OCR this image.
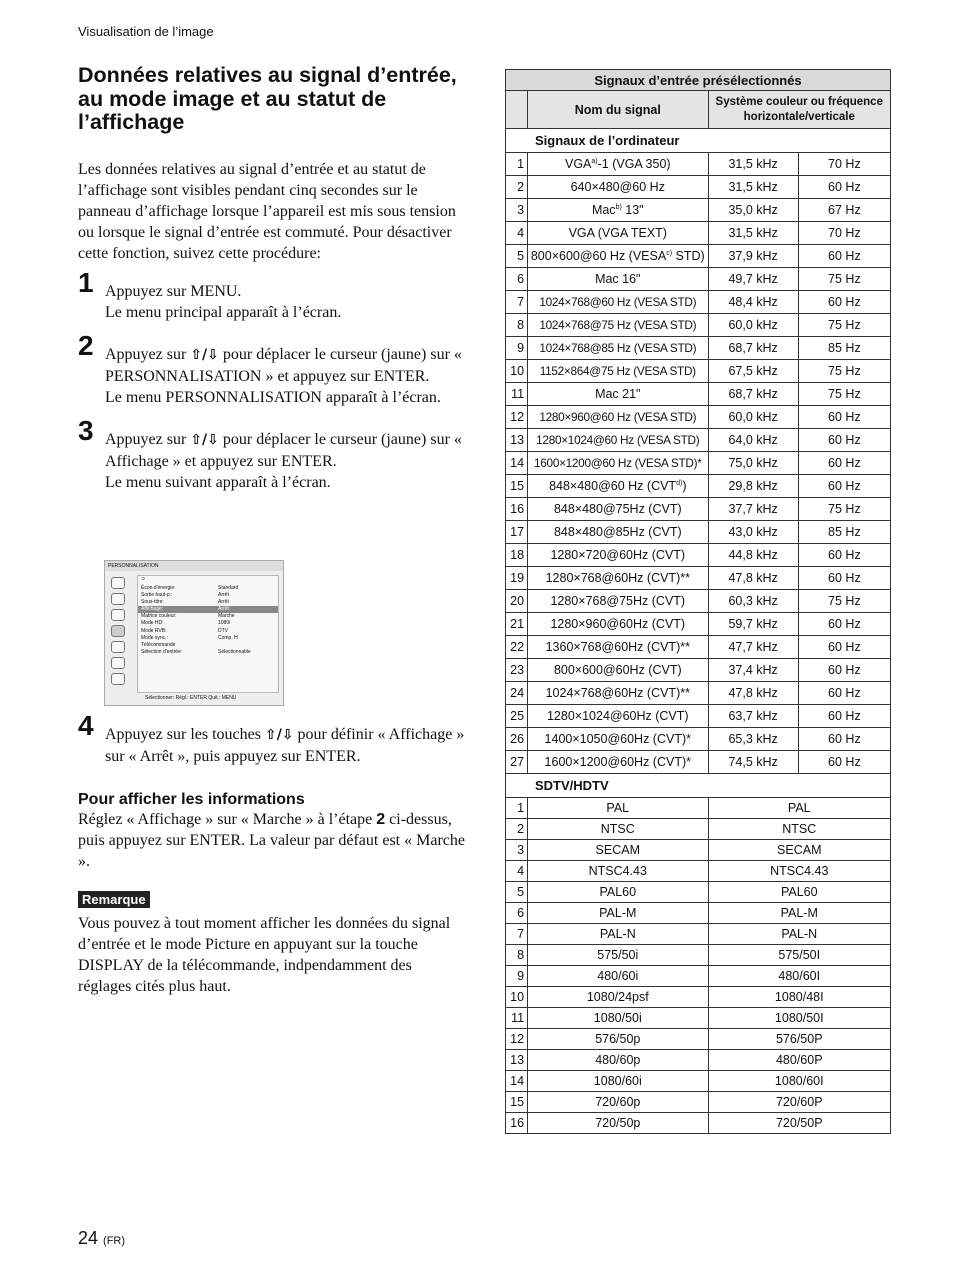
Visualisation de l’image
Données relatives au signal d’entrée, au mode image et au statut de l’affichage

Les données relatives au signal d’entrée et au statut de l’affichage sont visibles pendant cinq secondes sur le panneau d’affichage lorsque l’appareil est mis sous tension ou lorsque le signal d’entrée est commuté. Pour désactiver cette fonction, suivez cette procédure:

1 Appuyez sur MENU.

Le menu principal apparaît à l’écran.

2 Appuyez sur ⇧/⇩ pour déplacer le curseur (jaune) sur « PERSONNALISATION » et appuyez sur ENTER.

Le menu PERSONNALISATION apparaît à l’écran.

3 Appuyez sur ⇧/⇩ pour déplacer le curseur (jaune) sur « Affichage » et appuyez sur ENTER.

Le menu suivant apparaît à l’écran.

PERSONNALISATION
⊃
Écon.d'énergie:	Standard
Sortie haut-p.:	Arrêt
Sous-titre:	Arrêt
Affichage:	Arrêt
Matrice couleur:	Marche
Mode HD:	1080i
Mode RVB:	DTV
Mode sync.:	Comp. H
Télécommande
Sélection d'entrée:	Sélectionnable
Sélectionner: Régl.: ENTER Quit.: MENU
4 Appuyez sur les touches ⇧/⇩ pour définir « Affichage » sur « Arrêt », puis appuyez sur ENTER.

Pour afficher les informations

Réglez « Affichage » sur « Marche » à l’étape 2 ci-dessus, puis appuyez sur ENTER. La valeur par défaut est « Marche ».

Remarque

Vous pouvez à tout moment afficher les données du signal d’entrée et le mode Picture en appuyant sur la touche DISPLAY de la télécommande, indpendamment des réglages cités plus haut.

24 (FR)
Signaux d’entrée présélectionnés			
	Nom du signal	Système couleur ou fréquence horizontale/verticale	
Signaux de l’ordinateur			
1	VGA$^{a)}$-1 (VGA 350)	31,5 kHz	70 Hz
2	640×480@60 Hz	31,5 kHz	60 Hz
3	Mac$^{b)}$ 13"	35,0 kHz	67 Hz
4	VGA (VGA TEXT)	31,5 kHz	70 Hz
5	800×600@60 Hz (VESA$^{c)}$ STD)	37,9 kHz	60 Hz
6	Mac 16"	49,7 kHz	75 Hz
7	1024×768@60 Hz (VESA STD)	48,4 kHz	60 Hz
8	1024×768@75 Hz (VESA STD)	60,0 kHz	75 Hz
9	1024×768@85 Hz (VESA STD)	68,7 kHz	85 Hz
10	1152×864@75 Hz (VESA STD)	67,5 kHz	75 Hz
11	Mac 21"	68,7 kHz	75 Hz
12	1280×960@60 Hz (VESA STD)	60,0 kHz	60 Hz
13	1280×1024@60 Hz (VESA STD)	64,0 kHz	60 Hz
14	1600×1200@60 Hz (VESA STD)*	75,0 kHz	60 Hz
15	848×480@60 Hz (CVT$^{d)}$)	29,8 kHz	60 Hz
16	848×480@75Hz (CVT)	37,7 kHz	75 Hz
17	848×480@85Hz (CVT)	43,0 kHz	85 Hz
18	1280×720@60Hz (CVT)	44,8 kHz	60 Hz
19	1280×768@60Hz (CVT)**	47,8 kHz	60 Hz
20	1280×768@75Hz (CVT)	60,3 kHz	75 Hz
21	1280×960@60Hz (CVT)	59,7 kHz	60 Hz
22	1360×768@60Hz (CVT)**	47,7 kHz	60 Hz
23	800×600@60Hz (CVT)	37,4 kHz	60 Hz
24	1024×768@60Hz (CVT)**	47,8 kHz	60 Hz
25	1280×1024@60Hz (CVT)	63,7 kHz	60 Hz
26	1400×1050@60Hz (CVT)*	65,3 kHz	60 Hz
27	1600×1200@60Hz (CVT)*	74,5 kHz	60 Hz
SDTV/HDTV			
1	PAL	PAL	
2	NTSC	NTSC	
3	SECAM	SECAM	
4	NTSC4.43	NTSC4.43	
5	PAL60	PAL60	
6	PAL-M	PAL-M	
7	PAL-N	PAL-N	
8	575/50i	575/50I	
9	480/60i	480/60I	
10	1080/24psf	1080/48I	
11	1080/50i	1080/50I	
12	576/50p	576/50P	
13	480/60p	480/60P	
14	1080/60i	1080/60I	
15	720/60p	720/60P	
16	720/50p	720/50P	
